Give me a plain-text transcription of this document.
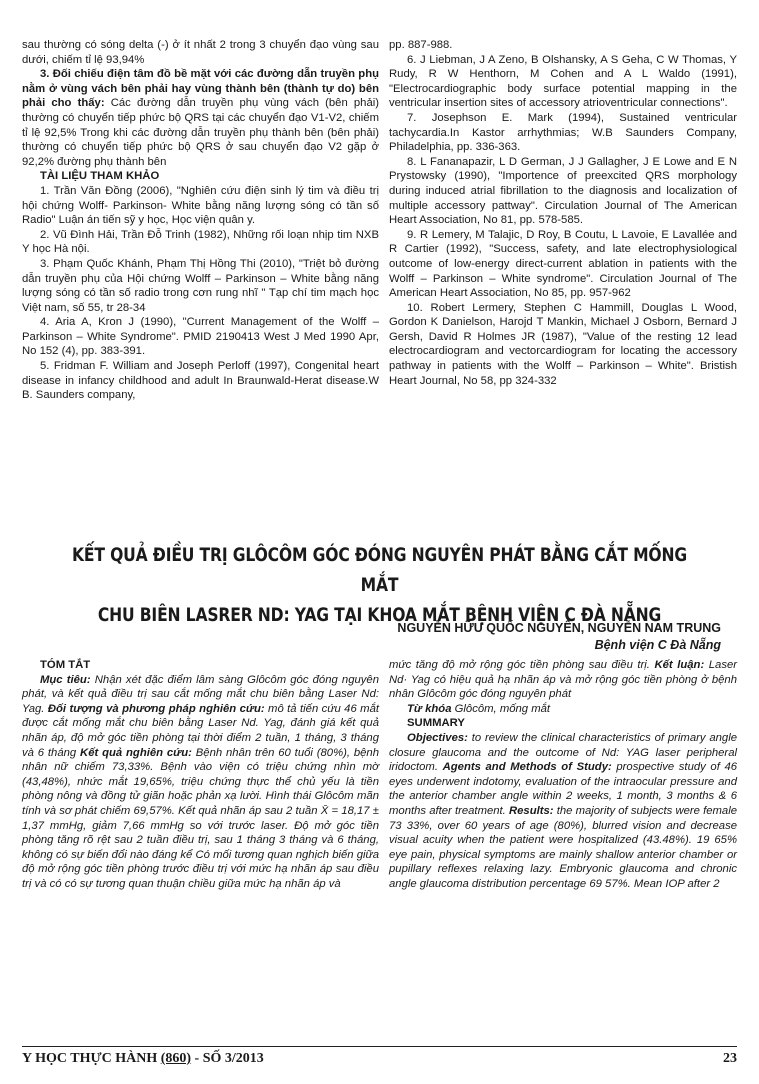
sau thường có sóng delta (-) ở ít nhất 2 trong 3 chuyển đạo vùng sau dưới, chiếm tỉ lệ 93,94%

3. Đối chiếu điện tâm đồ bề mặt với các đường dẫn truyền phụ nằm ở vùng vách bên phải hay vùng thành bên (thành tự do) bên phải cho thấy: Các đường dẫn truyền phụ vùng vách (bên phải) thường có chuyển tiếp phức bộ QRS tại các chuyển đạo V1-V2, chiếm tỉ lệ 92,5% Trong khi các đường dẫn truyền phụ thành bên (bên phải) thường có chuyển tiếp phức bộ QRS ở sau chuyển đạo V2 gặp ở 92,2% đường phụ thành bên

TÀI LIỆU THAM KHẢO

1. Trần Văn Đồng (2006), "Nghiên cứu điện sinh lý tim và điều trị hội chứng Wolff- Parkinson- White bằng năng lượng sóng có tần số Radio" Luận án tiến sỹ y học, Học viện quân y.

2. Vũ Đình Hải, Trần Đỗ Trinh (1982), Những rối loạn nhịp tim NXB Y học Hà nội.

3. Phạm Quốc Khánh, Phạm Thị Hồng Thi (2010), "Triệt bỏ đường dẫn truyền phụ của Hội chứng Wolff – Parkinson – White bằng năng lượng sóng có tần số radio trong cơn rung nhĩ " Tạp chí tim mạch học Việt nam, số 55, tr 28-34

4. Aria A, Kron J (1990), "Current Management of the Wolff – Parkinson – White Syndrome". PMID 2190413 West J Med 1990 Apr, No 152 (4), pp. 383-391.

5. Fridman F. William and Joseph Perloff (1997), Congenital heart disease in infancy childhood and adult In Braunwald-Herat disease.W B. Saunders company,

pp. 887-988.

6. J Liebman, J A Zeno, B Olshansky, A S Geha, C W Thomas, Y Rudy, R W Henthorn, M Cohen and A L Waldo (1991), "Electrocardiographic body surface potential mapping in the ventricular insertion sites of accessory atrioventricular connections".

7. Josephson E. Mark (1994), Sustained ventricular tachycardia.In Kastor arrhythmias; W.B Saunders Company, Philadelphia, pp. 336-363.

8. L Fananapazir, L D German, J J Gallagher, J E Lowe and E N Prystowsky (1990), "Importence of preexcited QRS morphology during induced atrial fibrillation to the diagnosis and localization of multiple accessory pattway". Circulation Journal of The American Heart Association, No 81, pp. 578-585.

9. R Lemery, M Talajic, D Roy, B Coutu, L Lavoie, E Lavallée and R Cartier (1992), "Success, safety, and late electrophysiological outcome of low-energy direct-current ablation in patients with the Wolff – Parkinson – White syndrome". Circulation Journal of The American Heart Association, No 85, pp. 957-962

10. Robert Lermery, Stephen C Hammill, Douglas L Wood, Gordon K Danielson, Harojd T Mankin, Michael J Osborn, Bernard J Gersh, David R Holmes JR (1987), "Value of the resting 12 lead electrocardiogram and vectorcardiogram for locating the accessory pathway in patients with the Wolff – Parkinson – White". Bristish Heart Journal, No 58, pp 324-332

KẾT QUẢ ĐIỀU TRỊ GLÔCÔM GÓC ĐÓNG NGUYÊN PHÁT BẰNG CẮT MỐNG MẮT
CHU BIÊN LASRER ND: YAG TẠI KHOA MẮT BỆNH VIỆN C ĐÀ NẴNG
NGUYỄN HỮU QUỐC NGUYÊN, NGUYỄN NAM TRUNG
Bệnh viện C Đà Nẵng

TÓM TẮT

Mục tiêu: Nhận xét đặc điểm lâm sàng Glôcôm góc đóng nguyên phát, và kết quả điều trị sau cắt mống mắt chu biên bằng Laser Nd: Yag. Đối tượng và phương pháp nghiên cứu: mô tả tiến cứu 46 mắt được cắt mống mắt chu biên bằng Laser Nd. Yag, đánh giá kết quả nhãn áp, độ mở góc tiền phòng tại thời điểm 2 tuần, 1 tháng, 3 tháng và 6 tháng Kết quả nghiên cứu: Bệnh nhân trên 60 tuổi (80%), bệnh nhân nữ chiếm 73,33%. Bệnh vào viện có triệu chứng nhìn mờ (43,48%), nhức mắt 19,65%, triệu chứng thực thể chủ yếu là tiền phòng nông và đồng tử giãn hoặc phản xạ lười. Hình thái Glôcôm mãn tính và sơ phát chiếm 69,57%. Kết quả nhãn áp sau 2 tuần X̄ = 18,17 ± 1,37 mmHg, giảm 7,66 mmHg so với trước laser. Độ mở góc tiền phòng tăng rõ rệt sau 2 tuần điều trị, sau 1 tháng 3 tháng và 6 tháng, không có sự biến đổi nào đáng kể Có mối tương quan nghịch biến giữa độ mở rộng góc tiền phòng trước điều trị với mức hạ nhãn áp sau điều trị và có có sự tương quan thuận chiều giữa mức hạ nhãn áp và

mức tăng độ mở rộng góc tiền phòng sau điều trị. Kết luận: Laser Nd· Yag có hiệu quả hạ nhãn áp và mở rộng góc tiền phòng ở bệnh nhân Glôcôm góc đóng nguyên phát

Từ khóa Glôcôm, mống mắt

SUMMARY

Objectives: to review the clinical characteristics of primary angle closure glaucoma and the outcome of Nd: YAG laser peripheral iridoctom. Agents and Methods of Study: prospective study of 46 eyes underwent indotomy, evaluation of the intraocular pressure and the anterior chamber angle within 2 weeks, 1 month, 3 months & 6 months after treatment. Results: the majority of subjects were female 73 33%, over 60 years of age (80%), blurred vision and decrease visual acuity when the patient were hospitalized (43.48%). 19 65% eye pain, physical symptoms are mainly shallow anterior chamber or pupillary reflexes relaxing lazy. Embryonic glaucoma and chronic angle glaucoma distribution percentage 69 57%. Mean IOP after 2

Y HỌC THỰC HÀNH (860) - SỐ 3/2013	23
